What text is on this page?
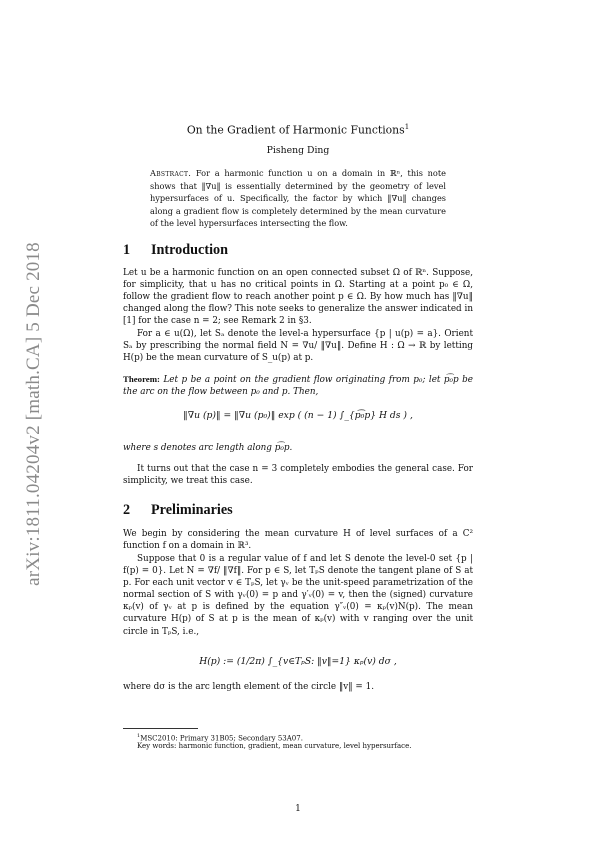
arXiv:1811.04204v2 [math.CA] 5 Dec 2018
On the Gradient of Harmonic Functions$^1$
Pisheng Ding
Abstract. For a harmonic function u on a domain in ℝⁿ, this note shows that ‖∇u‖ is essentially determined by the geometry of level hypersurfaces of u. Specifically, the factor by which ‖∇u‖ changes along a gradient flow is completely determined by the mean curvature of the level hypersurfaces intersecting the flow.
1 Introduction
Let u be a harmonic function on an open connected subset Ω of ℝⁿ. Suppose, for simplicity, that u has no critical points in Ω. Starting at a point p₀ ∈ Ω, follow the gradient flow to reach another point p ∈ Ω. By how much has ‖∇u‖ changed along the flow? This note seeks to generalize the answer indicated in [1] for the case n = 2; see Remark 2 in §3.
For a ∈ u(Ω), let Sₐ denote the level-a hypersurface {p | u(p) = a}. Orient Sₐ by prescribing the normal field N = ∇u/ ‖∇u‖. Define H : Ω → ℝ by letting H(p) be the mean curvature of S_u(p) at p.
Theorem: Let p be a point on the gradient flow originating from p₀; let p͡₀p be the arc on the flow between p₀ and p. Then,
‖∇u (p)‖ = ‖∇u (p₀)‖ exp ( (n − 1) ∫_{p͡₀p} H ds ) ,
where s denotes arc length along p͡₀p.
It turns out that the case n = 3 completely embodies the general case. For simplicity, we treat this case.
2 Preliminaries
We begin by considering the mean curvature H of level surfaces of a C² function f on a domain in ℝ³.
Suppose that 0 is a regular value of f and let S denote the level-0 set {p | f(p) = 0}. Let N = ∇f/ ‖∇f‖. For p ∈ S, let TₚS denote the tangent plane of S at p. For each unit vector v ∈ TₚS, let γᵥ be the unit-speed parametrization of the normal section of S with γᵥ(0) = p and γ′ᵥ(0) = v, then the (signed) curvature κₚ(v) of γᵥ at p is defined by the equation γ″ᵥ(0) = κₚ(v)N(p). The mean curvature H(p) of S at p is the mean of κₚ(v) with v ranging over the unit circle in TₚS, i.e.,
H(p) := (1/2π) ∫_{v∈TₚS: ‖v‖=1} κₚ(v) dσ ,
where dσ is the arc length element of the circle ‖v‖ = 1.
$^1$MSC2010: Primary 31B05; Secondary 53A07.
Key words: harmonic function, gradient, mean curvature, level hypersurface.
1
